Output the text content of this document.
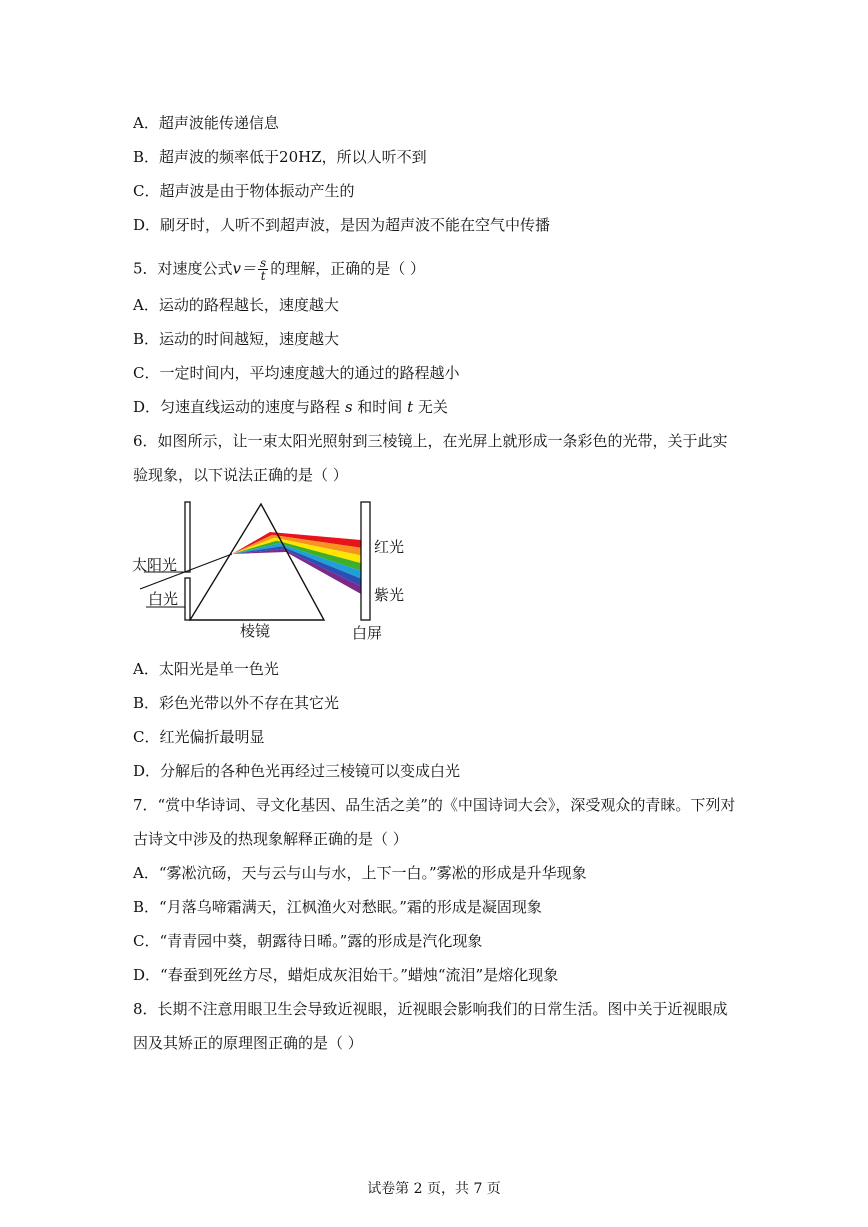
A．超声波能传递信息
B．超声波的频率低于20HZ，所以人听不到
C．超声波是由于物体振动产生的
D．刷牙时，人听不到超声波，是因为超声波不能在空气中传播
5．对速度公式$v= \frac{s}{t}$ 的理解，正确的是（ ）
A．运动的路程越长，速度越大
B．运动的时间越短，速度越大
C．一定时间内，平均速度越大的通过的路程越小
D．匀速直线运动的速度与路程 s 和时间 t 无关
6．如图所示，让一束太阳光照射到三棱镜上，在光屏上就形成一条彩色的光带，关于此实
验现象，以下说法正确的是（ ）
太阳光
白光
棱镜
红光
紫光
白屏
A．太阳光是单一色光
B．彩色光带以外不存在其它光
C．红光偏折最明显
D．分解后的各种色光再经过三棱镜可以变成白光
7．“赏中华诗词、寻文化基因、品生活之美”的《中国诗词大会》，深受观众的青睐。下列对
古诗文中涉及的热现象解释正确的是（ ）
A．“雾凇沆砀，天与云与山与水，上下一白。”雾凇的形成是升华现象
B．“月落乌啼霜满天，江枫渔火对愁眠。”霜的形成是凝固现象
C．“青青园中葵，朝露待日晞。”露的形成是汽化现象
D．“春蚕到死丝方尽，蜡炬成灰泪始干。”蜡烛“流泪”是熔化现象
8．长期不注意用眼卫生会导致近视眼，近视眼会影响我们的日常生活。图中关于近视眼成
因及其矫正的原理图正确的是（ ）
试卷第 2 页，共 7 页
